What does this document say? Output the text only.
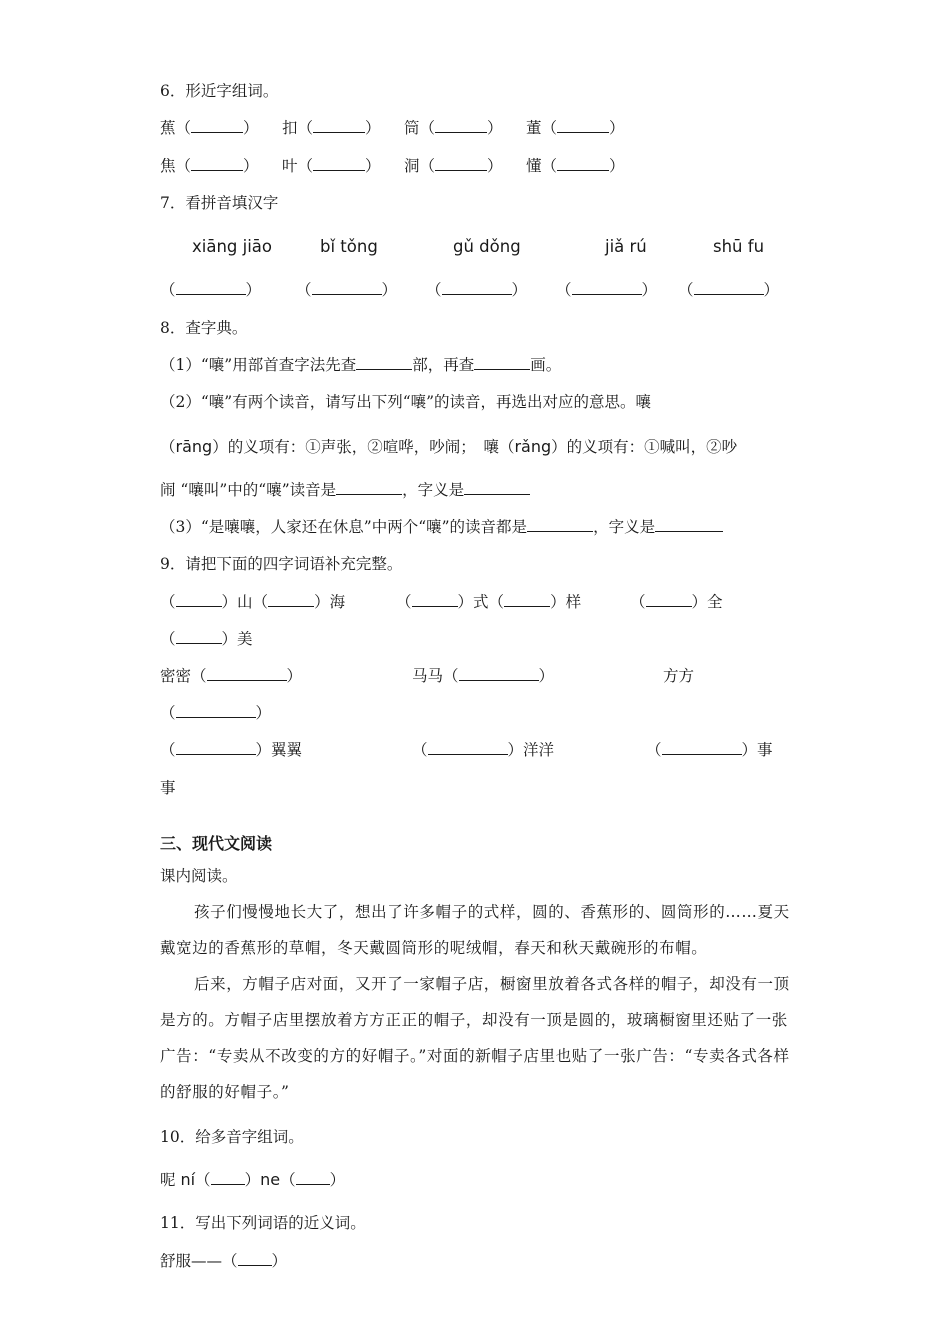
6．形近字组词。
蕉（	） 扣（	） 筒（	） 董（	）
焦（	） 叶（	） 洞（	） 懂（	）
7．看拼音填汉字
xiāng jiāo	bǐ tǒng	gǔ dǒng	jiǎ rú	shū fu
（	） （	） （	） （	） （	）
8．查字典。
（1）“嚷”用部首查字法先查	部，再查	画。
（2）“嚷”有两个读音，请写出下列“嚷”的读音，再选出对应的意思。嚷
（rāng）的义项有：①声张，②喧哗，吵闹；　嚷（rǎng）的义项有：①喊叫，②吵
闹 “嚷叫”中的“嚷”读音是	，字义是
（3）“是嚷嚷，人家还在休息”中两个“嚷”的读音都是	，字义是
9．请把下面的四字词语补充完整。
（	）山（	）海	（	）式（	）样	（	）全
（	）美
密密（	）	马马（	）	方方
（	）
（	）翼翼	（	）洋洋	（	）事
事
三、现代文阅读
课内阅读。

孩子们慢慢地长大了，想出了许多帽子的式样，圆的、香蕉形的、圆筒形的……夏天戴宽边的香蕉形的草帽，冬天戴圆筒形的呢绒帽，春天和秋天戴碗形的布帽。

后来，方帽子店对面，又开了一家帽子店，橱窗里放着各式各样的帽子，却没有一顶是方的。方帽子店里摆放着方方正正的帽子，却没有一顶是圆的，玻璃橱窗里还贴了一张广告：“专卖从不改变的方的好帽子。”对面的新帽子店里也贴了一张广告：“专卖各式各样的舒服的好帽子。”

10．给多音字组词。
呢 ní（ ）ne（ ）
11．写出下列词语的近义词。
舒服——（ ）
